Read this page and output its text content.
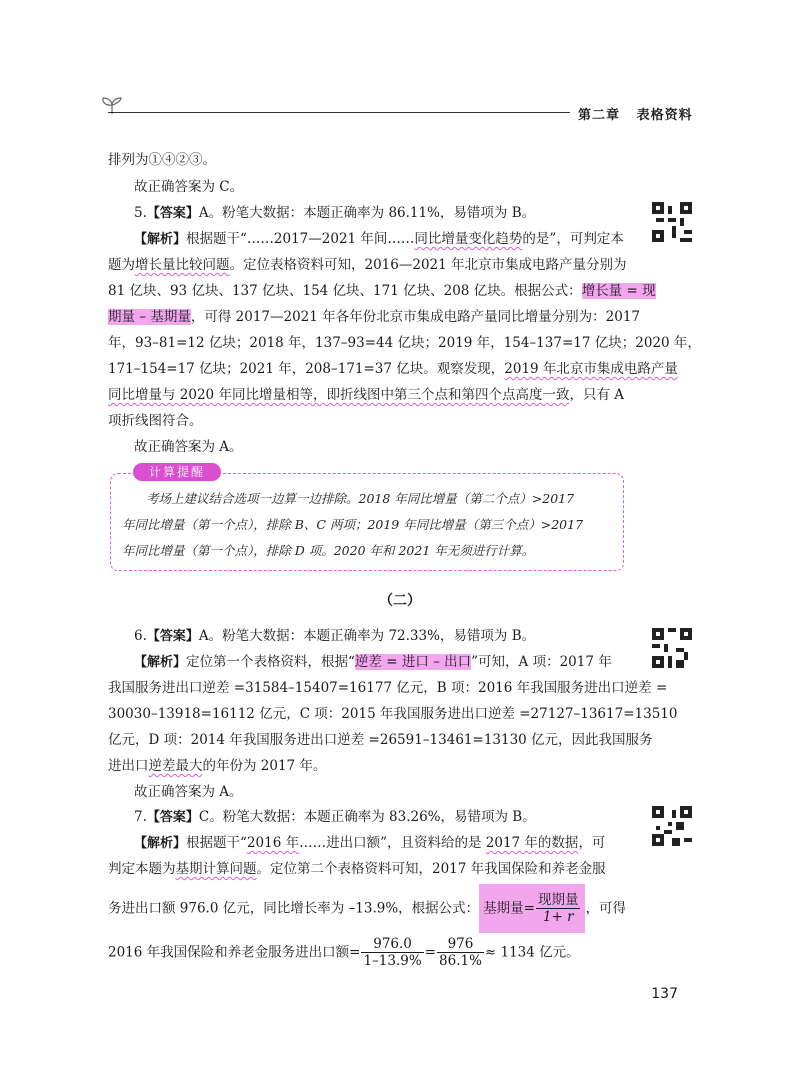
第二章 表格资料
排列为①④②③。
故正确答案为 C。
5.【答案】A。粉笔大数据：本题正确率为 86.11%，易错项为 B。
【解析】根据题干“……2017—2021 年间……同比增量变化趋势的是”，可判定本
题为增长量比较问题。定位表格资料可知，2016—2021 年北京市集成电路产量分别为
81 亿块、93 亿块、137 亿块、154 亿块、171 亿块、208 亿块。根据公式：增长量 = 现
期量 – 基期量，可得 2017—2021 年各年份北京市集成电路产量同比增量分别为：2017
年，93–81=12 亿块；2018 年，137–93=44 亿块；2019 年，154–137=17 亿块；2020 年，
171–154=17 亿块；2021 年，208–171=37 亿块。观察发现，2019 年北京市集成电路产量
同比增量与 2020 年同比增量相等，即折线图中第三个点和第四个点高度一致，只有 A
项折线图符合。
故正确答案为 A。
计算提醒
考场上建议结合选项一边算一边排除。2018 年同比增量（第二个点）>2017
年同比增量（第一个点），排除 B、C 两项；2019 年同比增量（第三个点）>2017
年同比增量（第一个点），排除 D 项。2020 年和 2021 年无须进行计算。
（二）
6.【答案】A。粉笔大数据：本题正确率为 72.33%，易错项为 B。
【解析】定位第一个表格资料，根据“逆差 = 进口 – 出口”可知，A 项：2017 年
我国服务进出口逆差 =31584–15407=16177 亿元，B 项：2016 年我国服务进出口逆差 =
30030–13918=16112 亿元，C 项：2015 年我国服务进出口逆差 =27127–13617=13510
亿元，D 项：2014 年我国服务进出口逆差 =26591–13461=13130 亿元，因此我国服务
进出口逆差最大的年份为 2017 年。
故正确答案为 A。
7.【答案】C。粉笔大数据：本题正确率为 83.26%，易错项为 B。
【解析】根据题干“2016 年……进出口额”，且资料给的是 2017 年的数据，可
判定本题为基期计算问题。定位第二个表格资料可知，2017 年我国保险和养老金服
务进出口额 976.0 亿元，同比增长率为 –13.9%，根据公式： 基期量= $\frac{\text{现期量}}{1+ r}$ ，可得
2016 年我国保险和养老金服务进出口额= $\frac{976.0}{1-13.9\%} = \frac{976}{86.1\%} \approx 1134$ 亿元。
137
